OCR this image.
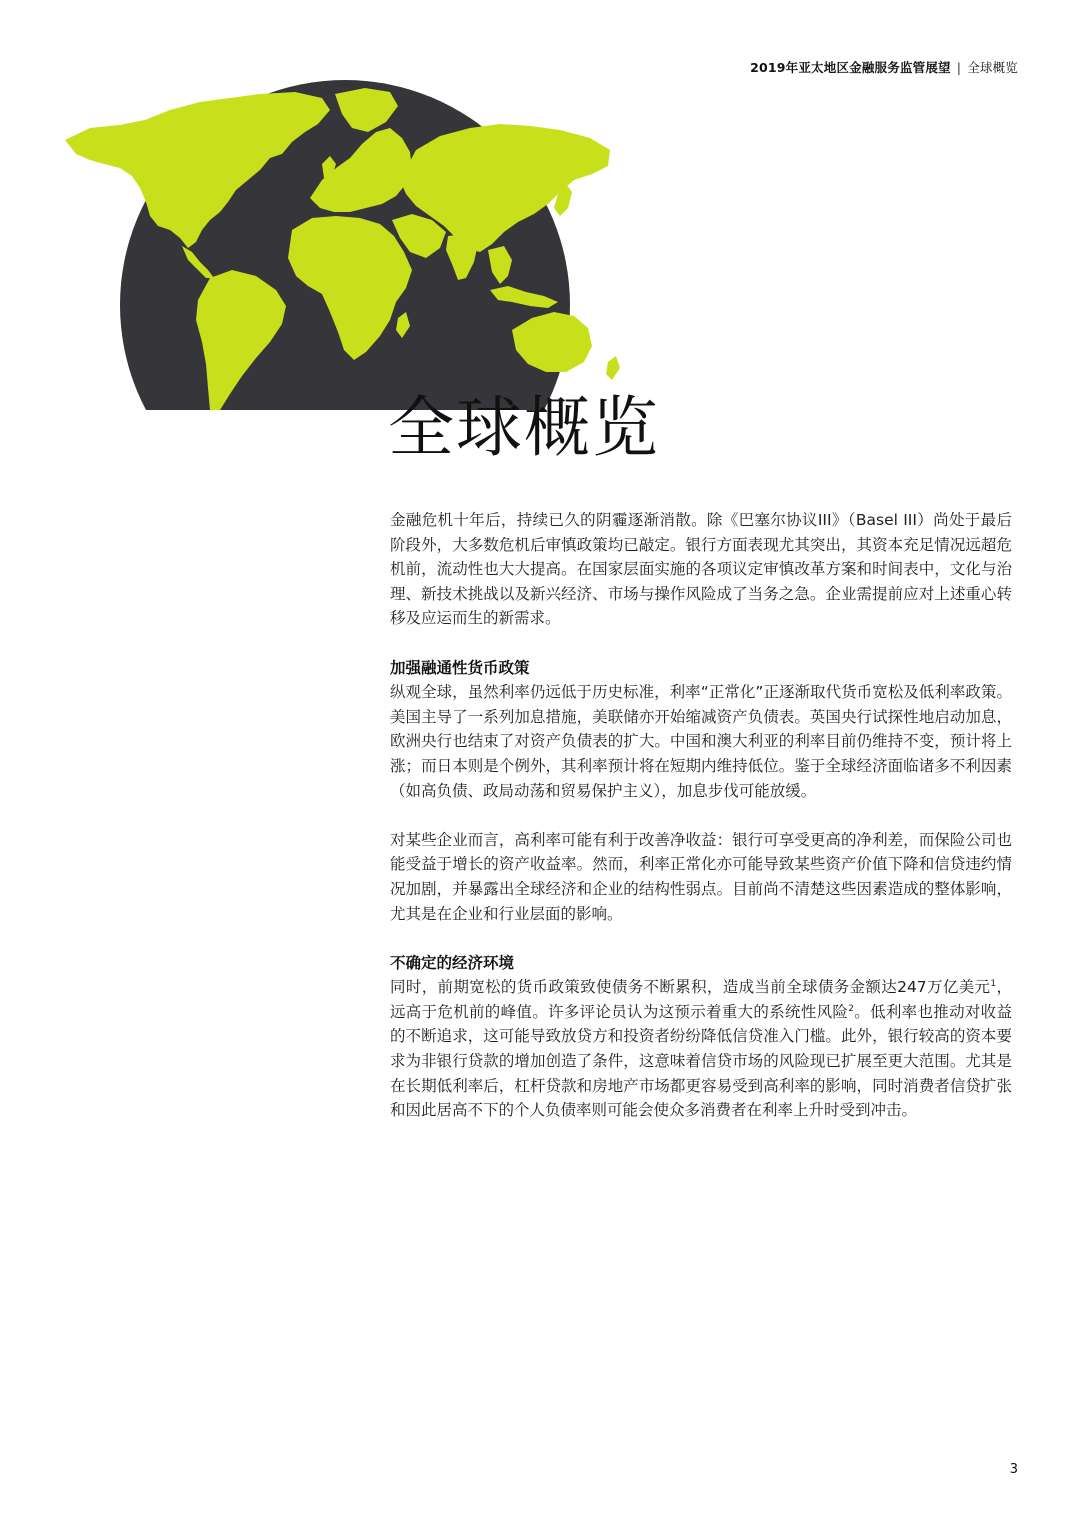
2019年亚太地区金融服务监管展望 | 全球概览
全球概览

金融危机十年后，持续已久的阴霾逐渐消散。除《巴塞尔协议III》（Basel III）尚处于最后阶段外，大多数危机后审慎政策均已敲定。银行方面表现尤其突出，其资本充足情况远超危机前，流动性也大大提高。在国家层面实施的各项议定审慎改革方案和时间表中，文化与治理、新技术挑战以及新兴经济、市场与操作风险成了当务之急。企业需提前应对上述重心转移及应运而生的新需求。

加强融通性货币政策

纵观全球，虽然利率仍远低于历史标准，利率“正常化”正逐渐取代货币宽松及低利率政策。美国主导了一系列加息措施，美联储亦开始缩减资产负债表。英国央行试探性地启动加息，欧洲央行也结束了对资产负债表的扩大。中国和澳大利亚的利率目前仍维持不变，预计将上涨；而日本则是个例外，其利率预计将在短期内维持低位。鉴于全球经济面临诸多不利因素（如高负债、政局动荡和贸易保护主义），加息步伐可能放缓。

对某些企业而言，高利率可能有利于改善净收益：银行可享受更高的净利差，而保险公司也能受益于增长的资产收益率。然而，利率正常化亦可能导致某些资产价值下降和信贷违约情况加剧，并暴露出全球经济和企业的结构性弱点。目前尚不清楚这些因素造成的整体影响，尤其是在企业和行业层面的影响。

不确定的经济环境

同时，前期宽松的货币政策致使债务不断累积，造成当前全球债务金额达247万亿美元$^1$，远高于危机前的峰值。许多评论员认为这预示着重大的系统性风险$^2$。低利率也推动对收益的不断追求，这可能导致放贷方和投资者纷纷降低信贷准入门槛。此外，银行较高的资本要求为非银行贷款的增加创造了条件，这意味着信贷市场的风险现已扩展至更大范围。尤其是在长期低利率后，杠杆贷款和房地产市场都更容易受到高利率的影响，同时消费者信贷扩张和因此居高不下的个人负债率则可能会使众多消费者在利率上升时受到冲击。

3
